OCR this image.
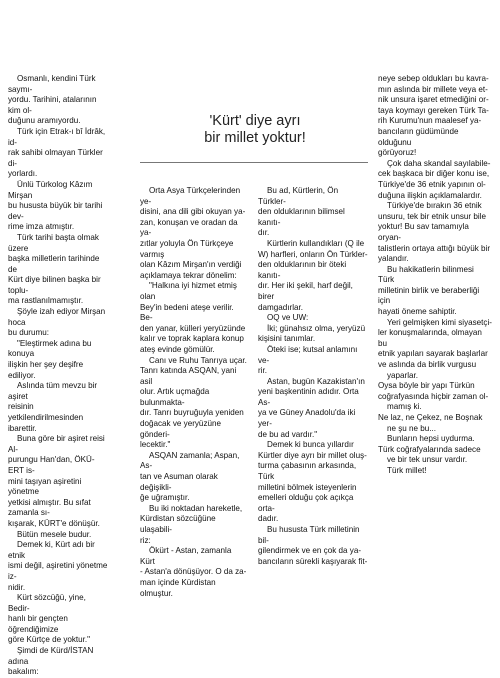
'Kürt' diye ayrı
bir millet yoktur!

Osmanlı, kendini Türk saymı-
yordu. Tarihini, atalarının kim ol-
duğunu aramıyordu.

Türk için Etrak-ı bî İdrâk, id-
rak sahibi olmayan Türkler di-
yorlardı.

Ünlü Türkolog Kâzım Mirşan
bu hususta büyük bir tarihi dev-
rime imza atmıştır.

Türk tarihi başta olmak üzere
başka milletlerin tarihinde de
Kürt diye bilinen başka bir toplu-
ma rastlanılmamıştır.

Şöyle izah ediyor Mirşan hoca
bu durumu:

"Eleştirmek adına bu konuya
ilişkin her şey deşifre ediliyor.

Aslında tüm mevzu bir aşiret
reisinin yetkilendirilmesinden
ibarettir.

Buna göre bir aşiret reisi Al-
purungu Han'dan, ÖKÜ-ERT is-
mini taşıyan aşiretini yönetme
yetkisi almıştır. Bu sıfat zamanla sı-
kışarak, KÜRT'e dönüşür.

Bütün mesele budur.

Demek ki, Kürt adı bir etnik
ismi değil, aşiretini yönetme iz-
nidir.

Kürt sözcüğü, yine, Bedir-
hanlı bir gençten öğrendiğimize
göre Kürtçe de yoktur."

Şimdi de Kürd/İSTAN adına
bakalım:

Orta Asya Türkçelerinden ye-
disini, ana dili gibi okuyan ya-
zan, konuşan ve oradan da ya-
zıtlar yoluyla Ön Türkçeye varmış
olan Kâzım Mirşan'ın verdiği
açıklamaya tekrar dönelim:

"Halkına iyi hizmet etmiş olan
Bey'in bedeni ateşe verilir. Be-
den yanar, külleri yeryüzünde
kalır ve toprak kaplara konup
ateş evinde gömülür.

Canı ve Ruhu Tanrıya uçar.
Tanrı katında ASQAN, yani asil
olur. Artık uçmağda bulunmakta-
dır. Tanrı buyruğuyla yeniden
doğacak ve yeryüzüne gönderi-
lecektir."

ASQAN zamanla; Aspan, As-
tan ve Asuman olarak değişikli-
ğe uğramıştır.

Bu iki noktadan hareketle,
Kürdistan sözcüğüne ulaşabili-
riz:

Ökürt - Astan, zamanla Kürt
- Astan'a dönüşüyor. O da za-
man içinde Kürdistan olmuştur.

Bu ad, Kürtlerin, Ön Türkler-
den olduklarının bilimsel kanıtı-
dır.

Kürtlerin kullandıkları (Q ile
W) harfleri, onların Ön Türkler-
den olduklarının bir öteki kanıtı-
dır. Her iki şekil, harf değil, birer
damgadırlar.

OQ ve UW:

İki; günahsız olma, yeryüzü
kişisini tanımlar.

Öteki ise; kutsal anlamını ve-
rir.

Astan, bugün Kazakistan'ın
yeni başkentinin adıdır. Orta As-
ya ve Güney Anadolu'da iki yer-
de bu ad vardır."

Demek ki bunca yıllardır
Kürtler diye ayrı bir millet oluş-
turma çabasının arkasında, Türk
milletini bölmek isteyenlerin
emelleri olduğu çok açıkça orta-
dadır.

Bu hususta Türk milletinin bil-
gilendirmek ve en çok da ya-
bancıların sürekli kaşıyarak fit-

neye sebep oldukları bu kavra-
mın aslında bir millete veya et-
nik unsura işaret etmediğini or-
taya koymayı gereken Türk Ta-
rih Kurumu'nun maalesef ya-
bancıların güdümünde olduğunu
görüyoruz!

Çok daha skandal sayılabile-
cek başkaca bir diğer konu ise,
Türkiye'de 36 etnik yapının ol-
duğuna ilişkin açıklamalardır.

Türkiye'de bırakın 36 etnik
unsuru, tek bir etnik unsur bile
yoktur! Bu sav tamamıyla oryan-
talistlerin ortaya attığı büyük bir
yalandır.

Bu hakikatlerin bilinmesi Türk
milletinin birlik ve beraberliği için
hayati öneme sahiptir.

Yeri gelmişken kimi siyasetçi-
ler konuşmalarında, olmayan bu
etnik yapıları sayarak başlarlar
ve aslında da birlik vurgusu

yaparlar.
Oysa böyle bir yapı Türkün
coğrafyasında hiçbir zaman ol-

mamış ki.
Ne laz, ne Çekez, ne Boşnak

ne şu ne bu...

Bunların hepsi uydurma.
Türk coğrafyalarında sadece

ve bir tek unsur vardır.

Türk millet!
